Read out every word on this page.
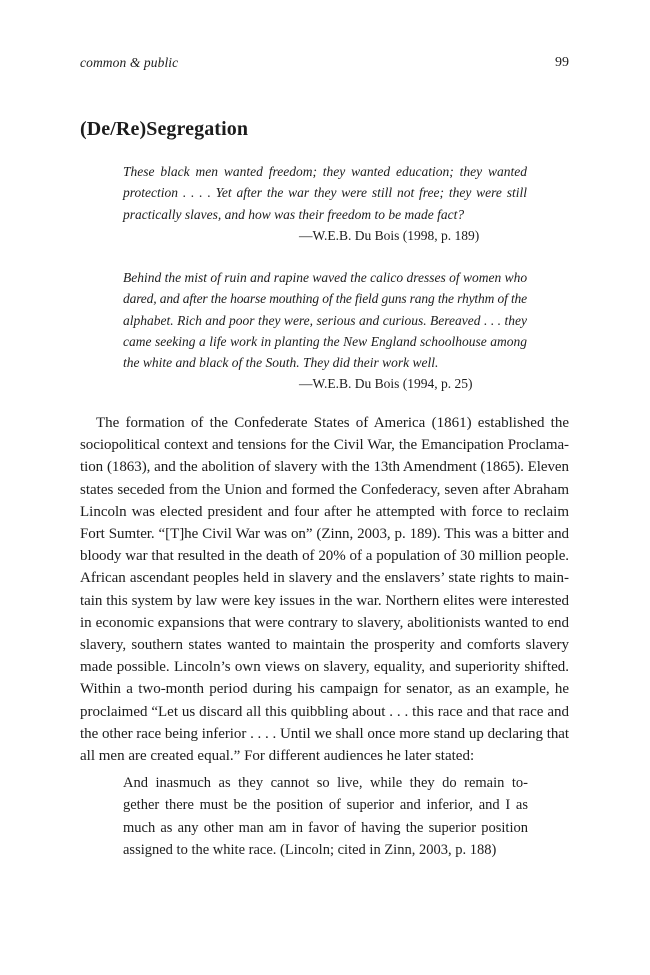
common & public	99
(De/Re)Segregation
These black men wanted freedom; they wanted education; they wanted
protection . . . . Yet after the war they were still not free; they were still
practically slaves, and how was their freedom to be made fact?
—W.E.B. Du Bois (1998, p. 189)
Behind the mist of ruin and rapine waved the calico dresses of women who
dared, and after the hoarse mouthing of the field guns rang the rhythm of the
alphabet. Rich and poor they were, serious and curious. Bereaved . . . they
came seeking a life work in planting the New England schoolhouse among
the white and black of the South. They did their work well.
—W.E.B. Du Bois (1994, p. 25)
The formation of the Confederate States of America (1861) established the
sociopolitical context and tensions for the Civil War, the Emancipation Proclama-
tion (1863), and the abolition of slavery with the 13th Amendment (1865). Eleven
states seceded from the Union and formed the Confederacy, seven after Abraham
Lincoln was elected president and four after he attempted with force to reclaim
Fort Sumter. “[T]he Civil War was on” (Zinn, 2003, p. 189). This was a bitter and
bloody war that resulted in the death of 20% of a population of 30 million people.
African ascendant peoples held in slavery and the enslavers’ state rights to main-
tain this system by law were key issues in the war. Northern elites were interested
in economic expansions that were contrary to slavery, abolitionists wanted to end
slavery, southern states wanted to maintain the prosperity and comforts slavery
made possible. Lincoln’s own views on slavery, equality, and superiority shifted.
Within a two-month period during his campaign for senator, as an example, he
proclaimed “Let us discard all this quibbling about . . . this race and that race and
the other race being inferior . . . . Until we shall once more stand up declaring that
all men are created equal.” For different audiences he later stated:
And inasmuch as they cannot so live, while they do remain to-
gether there must be the position of superior and inferior, and I as
much as any other man am in favor of having the superior position
assigned to the white race. (Lincoln; cited in Zinn, 2003, p. 188)
